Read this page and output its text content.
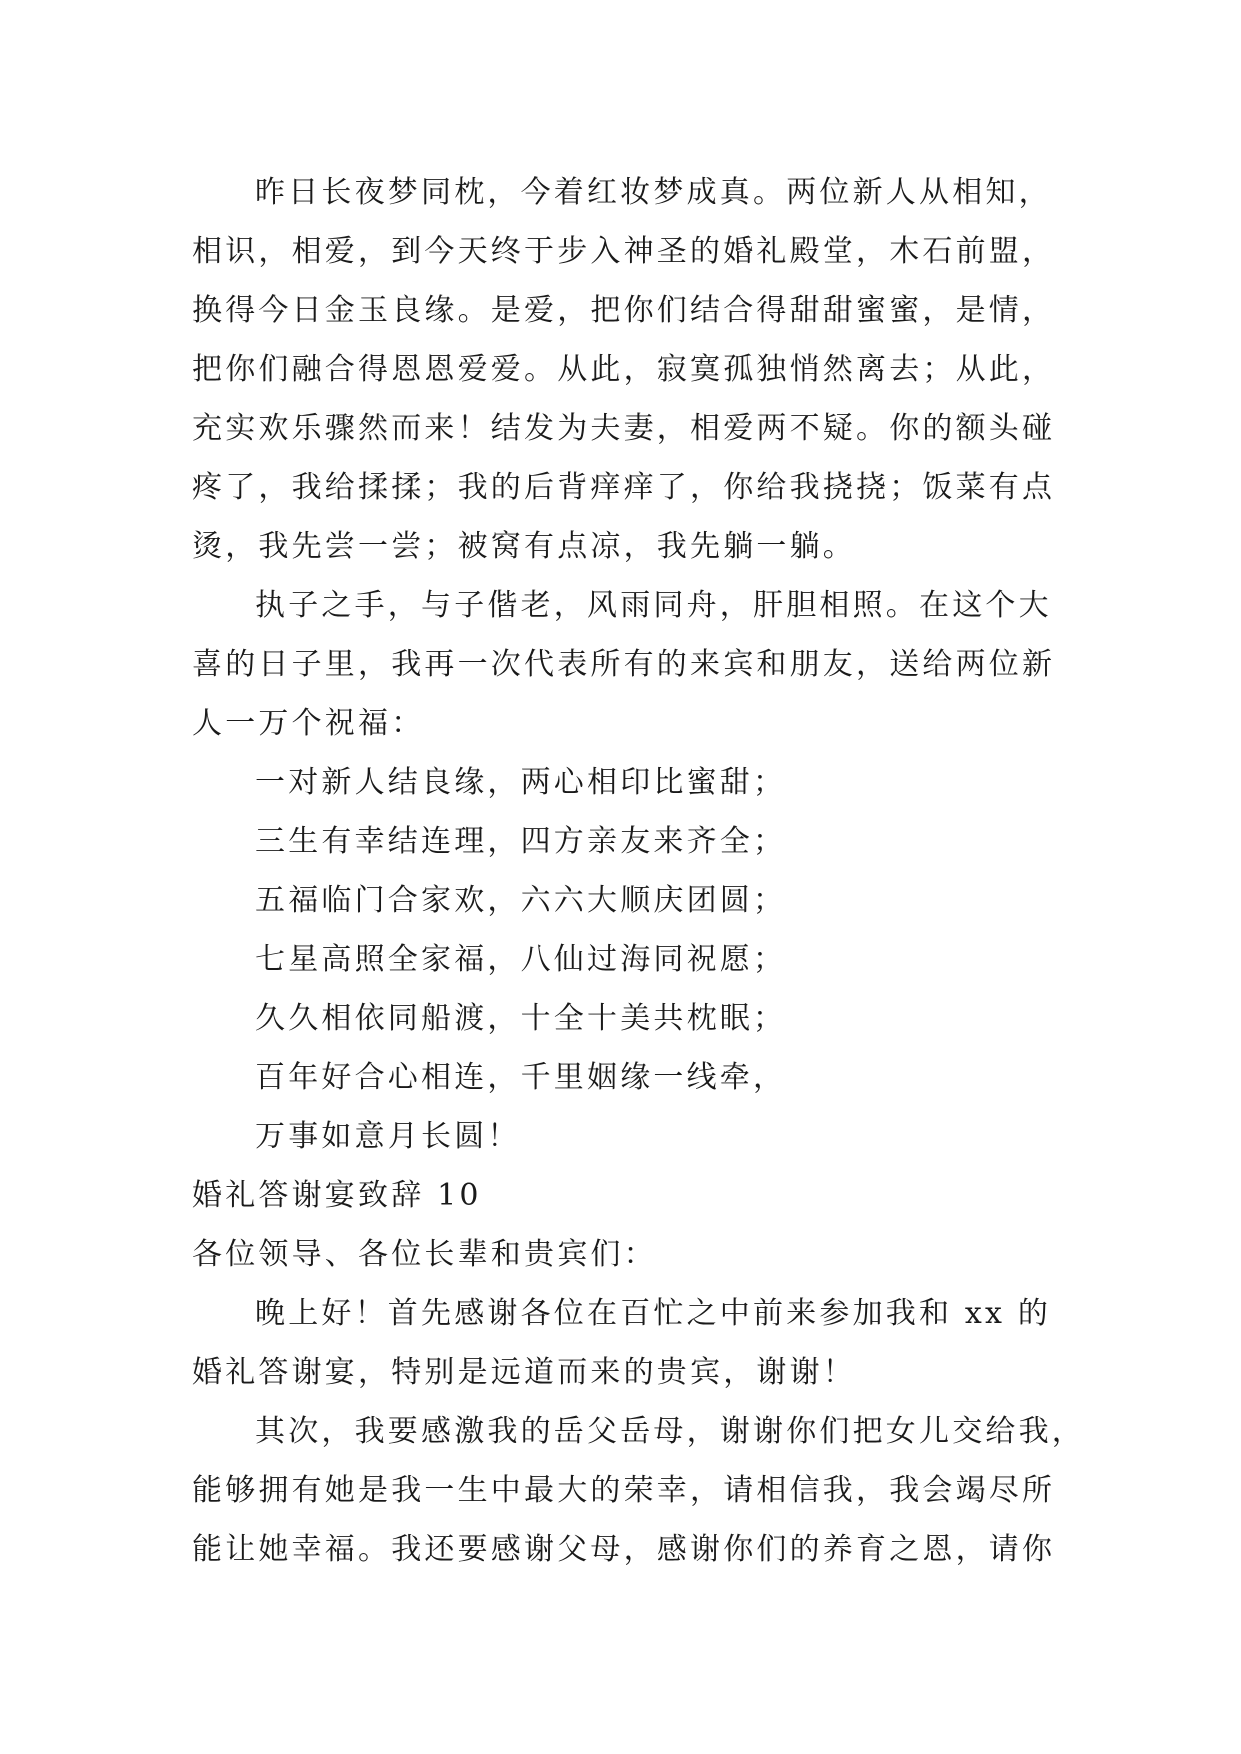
昨日长夜梦同枕，今着红妆梦成真。两位新人从相知，
相识，相爱，到今天终于步入神圣的婚礼殿堂，木石前盟，
换得今日金玉良缘。是爱，把你们结合得甜甜蜜蜜，是情，
把你们融合得恩恩爱爱。从此，寂寞孤独悄然离去；从此，
充实欢乐骤然而来！结发为夫妻，相爱两不疑。你的额头碰
疼了，我给揉揉；我的后背痒痒了，你给我挠挠；饭菜有点
烫，我先尝一尝；被窝有点凉，我先躺一躺。
执子之手，与子偕老，风雨同舟，肝胆相照。在这个大
喜的日子里，我再一次代表所有的来宾和朋友，送给两位新
人一万个祝福：
一对新人结良缘，两心相印比蜜甜；
三生有幸结连理，四方亲友来齐全；
五福临门合家欢，六六大顺庆团圆；
七星高照全家福，八仙过海同祝愿；
久久相依同船渡，十全十美共枕眠；
百年好合心相连，千里姻缘一线牵，
万事如意月长圆！
婚礼答谢宴致辞 10
各位领导、各位长辈和贵宾们：
晚上好！首先感谢各位在百忙之中前来参加我和 xx 的
婚礼答谢宴，特别是远道而来的贵宾，谢谢！
其次，我要感激我的岳父岳母，谢谢你们把女儿交给我，
能够拥有她是我一生中最大的荣幸，请相信我，我会竭尽所
能让她幸福。我还要感谢父母，感谢你们的养育之恩，请你
